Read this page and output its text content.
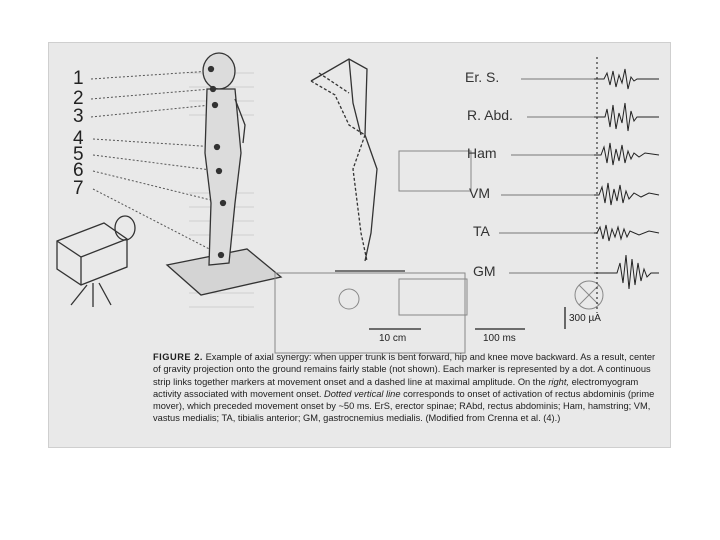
1
2
3
4
5
6
7
Er. S.
R. Abd.
Ham
VM
TA
GM
10 cm	100 ms
300 µA
FIGURE 2. Example of axial synergy: when upper trunk is bent forward, hip and knee move backward. As a result, center of gravity projection onto the ground remains fairly stable (not shown). Each marker is represented by a dot. A continuous strip links together markers at movement onset and a dashed line at maximal amplitude. On the right, electromyogram activity associated with movement onset. Dotted vertical line corresponds to onset of activation of rectus abdominis (prime mover), which preceded movement onset by ~50 ms. ErS, erector spinae; RAbd, rectus abdominis; Ham, hamstring; VM, vastus medialis; TA, tibialis anterior; GM, gastrocnemius medialis. (Modified from Crenna et al. (4).)
